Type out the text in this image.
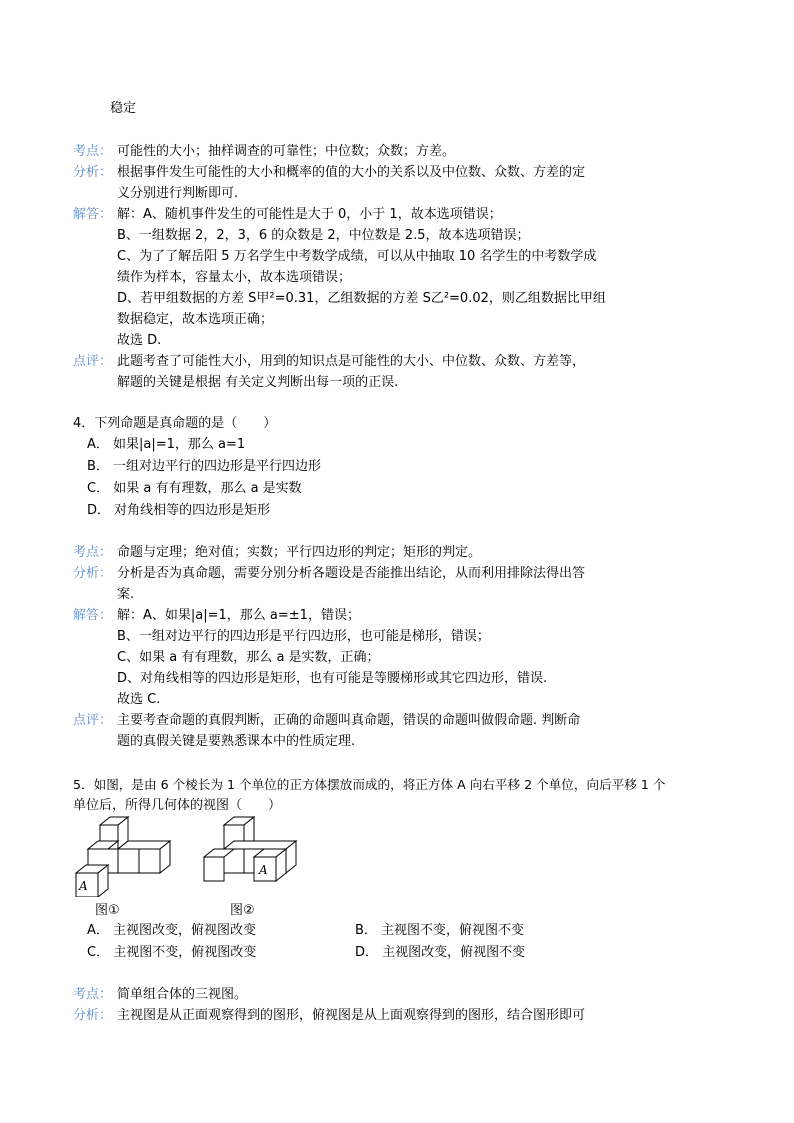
稳定
考点： 可能性的大小；抽样调查的可靠性；中位数；众数；方差。
分析： 根据事件发生可能性的大小和概率的值的大小的关系以及中位数、众数、方差的定
义分别进行判断即可.
解答： 解：A、随机事件发生的可能性是大于 0，小于 1，故本选项错误；
B、一组数据 2，2，3，6 的众数是 2，中位数是 2.5，故本选项错误；
C、为了了解岳阳 5 万名学生中考数学成绩，可以从中抽取 10 名学生的中考数学成
绩作为样本，容量太小，故本选项错误；
D、若甲组数据的方差 S甲²=0.31，乙组数据的方差 S乙²=0.02，则乙组数据比甲组
数据稳定，故本选项正确；
故选 D.
点评： 此题考查了可能性大小，用到的知识点是可能性的大小、中位数、众数、方差等，
解题的关键是根据 有关定义判断出每一项的正误.
4．下列命题是真命题的是（　　）
A． 如果|a|=1，那么 a=1
B． 一组对边平行的四边形是平行四边形
C． 如果 a 有有理数，那么 a 是实数
D． 对角线相等的四边形是矩形
考点： 命题与定理；绝对值；实数；平行四边形的判定；矩形的判定。
分析： 分析是否为真命题，需要分别分析各题设是否能推出结论，从而利用排除法得出答
案.
解答： 解：A、如果|a|=1，那么 a=±1，错误；
B、一组对边平行的四边形是平行四边形，也可能是梯形，错误；
C、如果 a 有有理数，那么 a 是实数，正确；
D、对角线相等的四边形是矩形，也有可能是等腰梯形或其它四边形，错误.
故选 C.
点评： 主要考查命题的真假判断，正确的命题叫真命题，错误的命题叫做假命题. 判断命
题的真假关键是要熟悉课本中的性质定理.
5．如图，是由 6 个棱长为 1 个单位的正方体摆放而成的，将正方体 A 向右平移 2 个单位，向后平移 1 个
单位后，所得几何体的视图（　　）
A
图①
A
图②
A． 主视图改变，俯视图改变	B． 主视图不变，俯视图不变
C． 主视图不变，俯视图改变	D． 主视图改变，俯视图不变
考点： 简单组合体的三视图。
分析： 主视图是从正面观察得到的图形，俯视图是从上面观察得到的图形，结合图形即可
